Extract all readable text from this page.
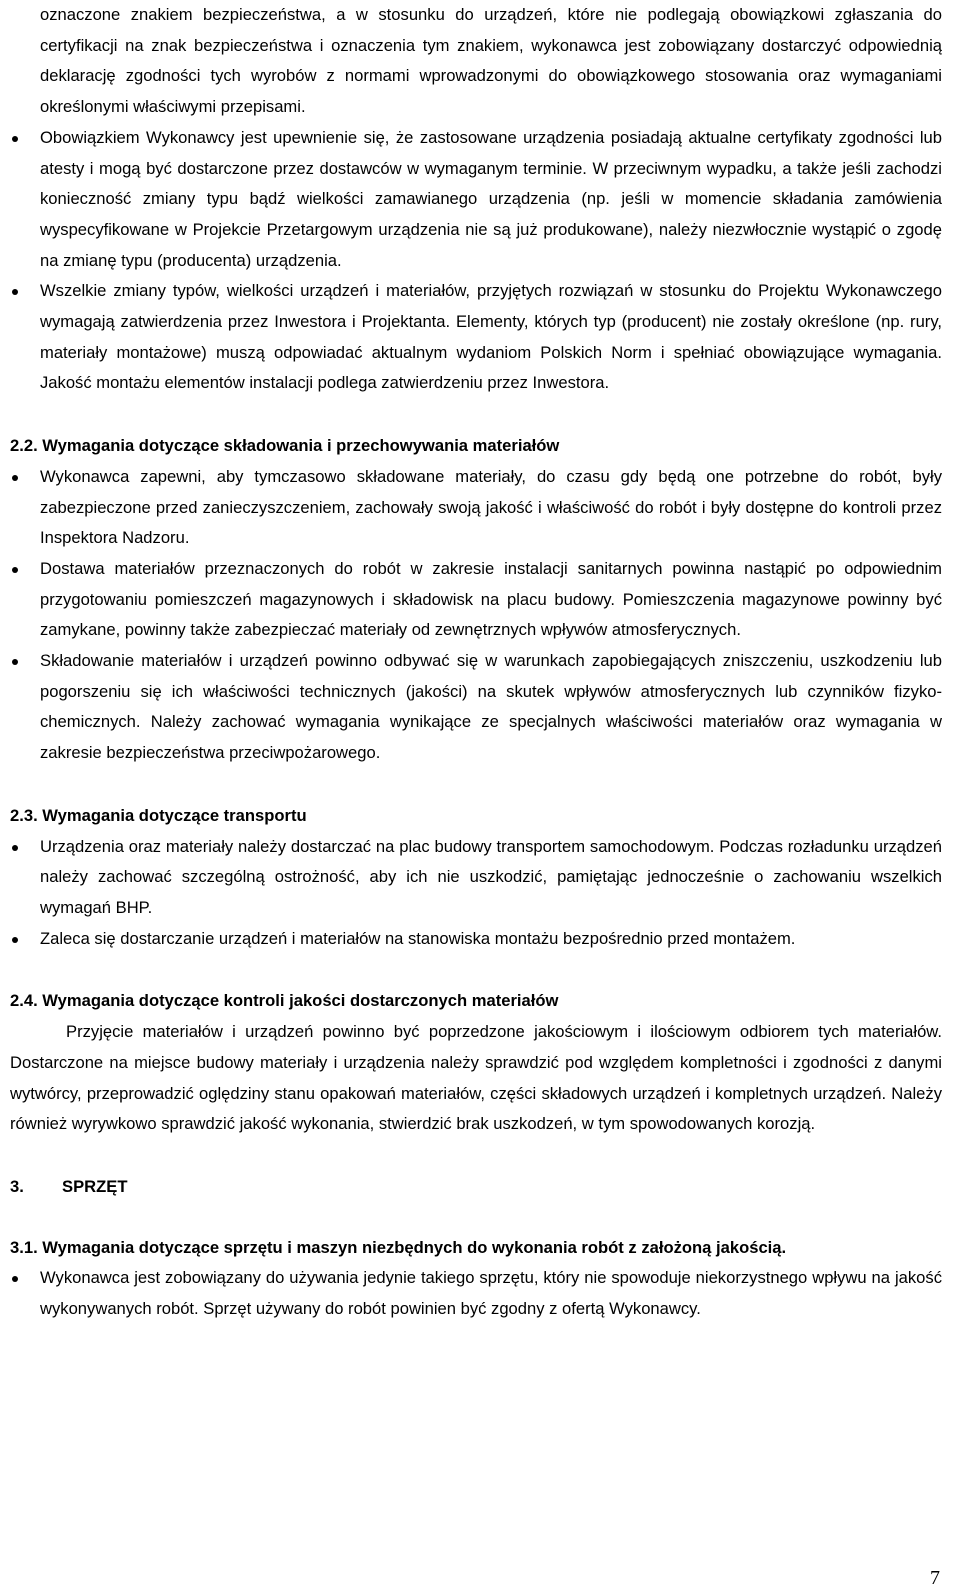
oznaczone znakiem bezpieczeństwa, a w stosunku do urządzeń, które nie podlegają obowiązkowi zgłaszania do certyfikacji na znak bezpieczeństwa i oznaczenia tym znakiem, wykonawca jest zobowiązany dostarczyć odpowiednią deklarację zgodności tych wyrobów z normami wprowadzonymi do obowiązkowego stosowania oraz wymaganiami określonymi właściwymi przepisami.

Obowiązkiem Wykonawcy jest upewnienie się, że zastosowane urządzenia posiadają aktualne certyfikaty zgodności lub atesty i mogą być dostarczone przez dostawców w wymaganym terminie. W przeciwnym wypadku, a także jeśli zachodzi konieczność zmiany typu bądź wielkości zamawianego urządzenia (np. jeśli w momencie składania zamówienia wyspecyfikowane w Projekcie Przetargowym urządzenia nie są już produkowane), należy niezwłocznie wystąpić o zgodę na zmianę typu (producenta) urządzenia.
Wszelkie zmiany typów, wielkości urządzeń i materiałów, przyjętych rozwiązań w stosunku do Projektu Wykonawczego wymagają zatwierdzenia przez Inwestora i Projektanta. Elementy, których typ (producent) nie zostały określone (np. rury, materiały montażowe) muszą odpowiadać aktualnym wydaniom Polskich Norm i spełniać obowiązujące wymagania. Jakość montażu elementów instalacji podlega zatwierdzeniu przez Inwestora.
2.2. Wymagania dotyczące składowania i przechowywania materiałów
Wykonawca zapewni, aby tymczasowo składowane materiały, do czasu gdy będą one potrzebne do robót, były zabezpieczone przed zanieczyszczeniem, zachowały swoją jakość i właściwość do robót i były dostępne do kontroli przez Inspektora Nadzoru.
Dostawa materiałów przeznaczonych do robót w zakresie instalacji sanitarnych powinna nastąpić po odpowiednim przygotowaniu pomieszczeń magazynowych i składowisk na placu budowy. Pomieszczenia magazynowe powinny być zamykane, powinny także zabezpieczać materiały od zewnętrznych wpływów atmosferycznych.
Składowanie materiałów i urządzeń powinno odbywać się w warunkach zapobiegających zniszczeniu, uszkodzeniu lub pogorszeniu się ich właściwości technicznych (jakości) na skutek wpływów atmosferycznych lub czynników fizyko-chemicznych. Należy zachować wymagania wynikające ze specjalnych właściwości materiałów oraz wymagania w zakresie bezpieczeństwa przeciwpożarowego.
2.3. Wymagania dotyczące transportu
Urządzenia oraz materiały należy dostarczać na plac budowy transportem samochodowym. Podczas rozładunku urządzeń należy zachować szczególną ostrożność, aby ich nie uszkodzić, pamiętając jednocześnie o zachowaniu wszelkich wymagań BHP.
Zaleca się dostarczanie urządzeń i materiałów na stanowiska montażu bezpośrednio przed montażem.
2.4. Wymagania dotyczące kontroli jakości dostarczonych materiałów

Przyjęcie materiałów i urządzeń powinno być poprzedzone jakościowym i ilościowym odbiorem tych materiałów. Dostarczone na miejsce budowy materiały i urządzenia należy sprawdzić pod względem kompletności i zgodności z danymi wytwórcy, przeprowadzić oględziny stanu opakowań materiałów, części składowych urządzeń i kompletnych urządzeń. Należy również wyrywkowo sprawdzić jakość wykonania, stwierdzić brak uszkodzeń, w tym spowodowanych korozją.

3.	SPRZĘT
3.1. Wymagania dotyczące sprzętu i maszyn niezbędnych do wykonania robót z założoną jakością.
Wykonawca jest zobowiązany do używania jedynie takiego sprzętu, który nie spowoduje niekorzystnego wpływu na jakość wykonywanych robót. Sprzęt używany do robót powinien być zgodny z ofertą Wykonawcy.
7
